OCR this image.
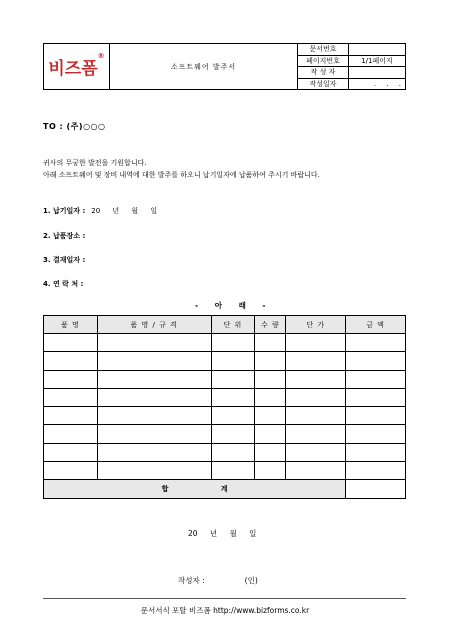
비즈폼®	소프트웨어 발주서	문서번호	
		페이지번호	1/1페이지
		작 성 자	
		작성일자	. . .
TO : (주)○○○
귀사의 무궁한 발전을 기원합니다.
아래 소프트웨어 및 장비 내역에 대한 발주를 하오니 납기일자에 납품하여 주시기 바랍니다.
1. 납기일자 : 20 년 월 일
2. 납품장소 :
3. 결재일자 :
4. 연 락 처 :
- 아 래 -
품 명	품 명 / 규 격	단 위	수 량	단 가	금 액

합 계					
20 년 월 일
작성자 :	(인)
문서서식 포탈 비즈폼 http://www.bizforms.co.kr
